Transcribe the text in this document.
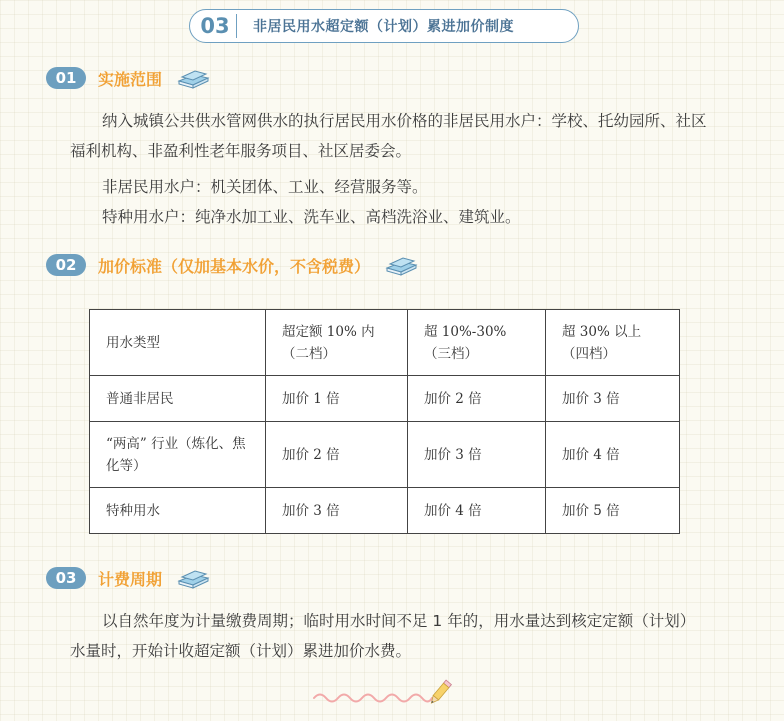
03	非居民用水超定额（计划）累进加价制度
01	实施范围

纳入城镇公共供水管网供水的执行居民用水价格的非居民用水户：学校、托幼园所、社区福利机构、非盈利性老年服务项目、社区居委会。

非居民用水户：机关团体、工业、经营服务等。

特种用水户：纯净水加工业、洗车业、高档洗浴业、建筑业。

02	加价标准（仅加基本水价，不含税费）
用水类型	超定额 10% 内（二档）	超 10%-30%（三档）	超 30% 以上（四档）
普通非居民	加价 1 倍	加价 2 倍	加价 3 倍
“两高” 行业（炼化、焦化等）	加价 2 倍	加价 3 倍	加价 4 倍
特种用水	加价 3 倍	加价 4 倍	加价 5 倍
03	计费周期

以自然年度为计量缴费周期；临时用水时间不足 1 年的，用水量达到核定定额（计划）水量时，开始计收超定额（计划）累进加价水费。
